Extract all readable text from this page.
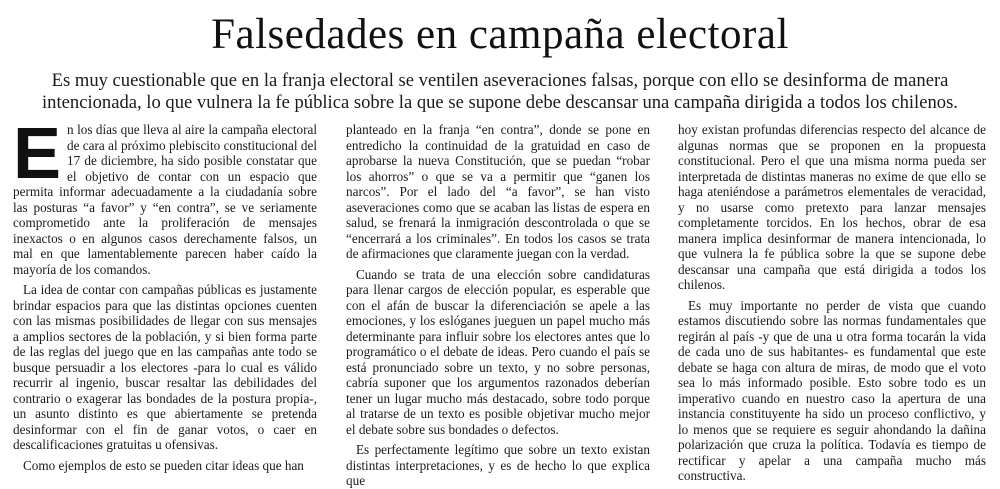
Falsedades en campaña electoral

Es muy cuestionable que en la franja electoral se ventilen aseveraciones falsas, porque con ello se desinforma de manera intencionada, lo que vulnera la fe pública sobre la que se supone debe descansar una campaña dirigida a todos los chilenos.

En los días que lleva al aire la campaña electoral de cara al próximo plebiscito constitucional del 17 de diciembre, ha sido posible constatar que el objetivo de contar con un espacio que permita informar adecuadamente a la ciudadanía sobre las posturas “a favor” y “en contra”, se ve seriamente comprometido ante la proliferación de mensajes inexactos o en algunos casos derechamente falsos, un mal en que lamentablemente parecen haber caído la mayoría de los comandos.

La idea de contar con campañas públicas es justamente brindar espacios para que las distintas opciones cuenten con las mismas posibilidades de llegar con sus mensajes a amplios sectores de la población, y si bien forma parte de las reglas del juego que en las campañas ante todo se busque persuadir a los electores -para lo cual es válido recurrir al ingenio, buscar resaltar las debilidades del contrario o exagerar las bondades de la postura propia-, un asunto distinto es que abiertamente se pretenda desinformar con el fin de ganar votos, o caer en descalificaciones gratuitas u ofensivas.

Como ejemplos de esto se pueden citar ideas que han

planteado en la franja “en contra”, donde se pone en entredicho la continuidad de la gratuidad en caso de aprobarse la nueva Constitución, que se puedan “robar los ahorros” o que se va a permitir que “ganen los narcos”. Por el lado del “a favor”, se han visto aseveraciones como que se acaban las listas de espera en salud, se frenará la inmigración descontrolada o que se “encerrará a los criminales”. En todos los casos se trata de afirmaciones que claramente juegan con la verdad.

Cuando se trata de una elección sobre candidaturas para llenar cargos de elección popular, es esperable que con el afán de buscar la diferenciación se apele a las emociones, y los eslóganes jueguen un papel mucho más determinante para influir sobre los electores antes que lo programático o el debate de ideas. Pero cuando el país se está pronunciado sobre un texto, y no sobre personas, cabría suponer que los argumentos razonados deberían tener un lugar mucho más destacado, sobre todo porque al tratarse de un texto es posible objetivar mucho mejor el debate sobre sus bondades o defectos.

Es perfectamente legítimo que sobre un texto existan distintas interpretaciones, y es de hecho lo que explica que

hoy existan profundas diferencias respecto del alcance de algunas normas que se proponen en la propuesta constitucional. Pero el que una misma norma pueda ser interpretada de distintas maneras no exime de que ello se haga ateniéndose a parámetros elementales de veracidad, y no usarse como pretexto para lanzar mensajes completamente torcidos. En los hechos, obrar de esa manera implica desinformar de manera intencionada, lo que vulnera la fe pública sobre la que se supone debe descansar una campaña que está dirigida a todos los chilenos.

Es muy importante no perder de vista que cuando estamos discutiendo sobre las normas fundamentales que regirán al país -y que de una u otra forma tocarán la vida de cada uno de sus habitantes- es fundamental que este debate se haga con altura de miras, de modo que el voto sea lo más informado posible. Esto sobre todo es un imperativo cuando en nuestro caso la apertura de una instancia constituyente ha sido un proceso conflictivo, y lo menos que se requiere es seguir ahondando la dañina polarización que cruza la política. Todavía es tiempo de rectificar y apelar a una campaña mucho más constructiva.
